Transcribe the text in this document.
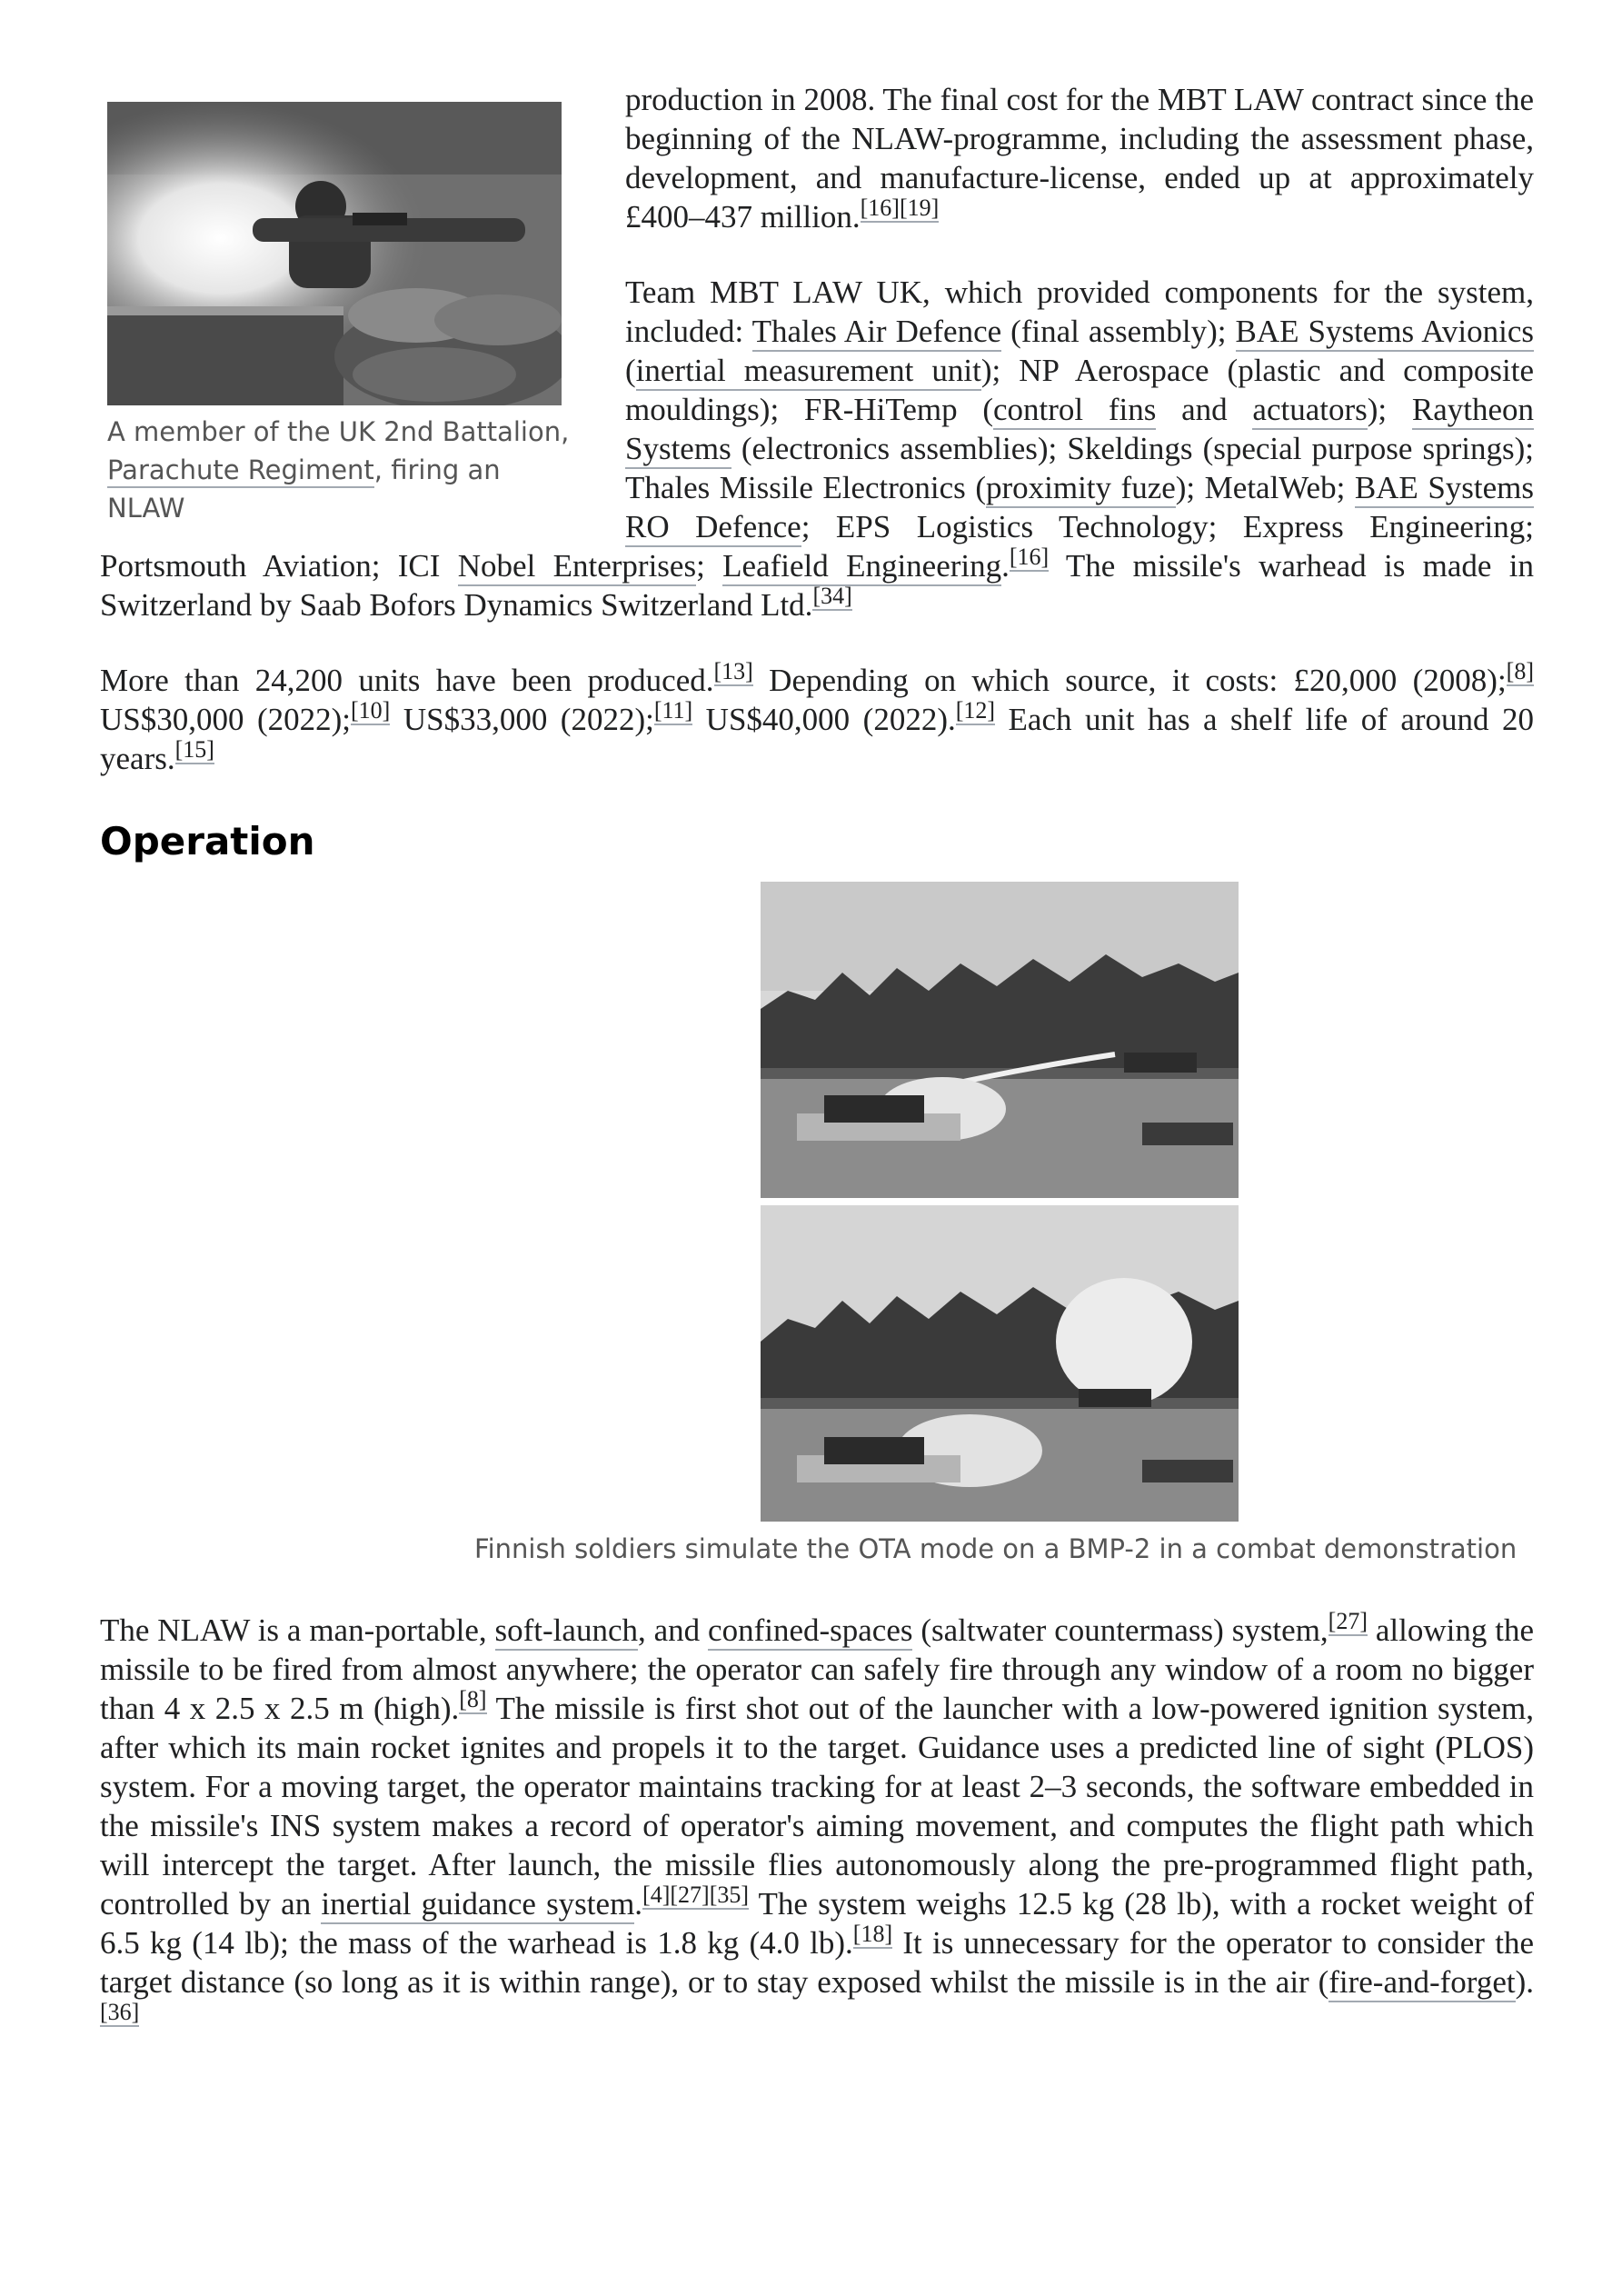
A member of the UK 2nd Battalion, Parachute Regiment, firing an NLAW

production in 2008. The final cost for the MBT LAW contract since the beginning of the NLAW-programme, including the assessment phase, development, and manufacture-license, ended up at approximately £400–437 million.[16][19]

Team MBT LAW UK, which provided components for the system, included: Thales Air Defence (final assembly); BAE Systems Avionics (inertial measurement unit); NP Aerospace (plastic and composite mouldings); FR-HiTemp (control fins and actuators); Raytheon Systems (electronics assemblies); Skeldings (special purpose springs); Thales Missile Electronics (proximity fuze); MetalWeb; BAE Systems RO Defence; EPS Logistics Technology; Express Engineering; Portsmouth Aviation; ICI Nobel Enterprises; Leafield Engineering.[16] The missile's warhead is made in Switzerland by Saab Bofors Dynamics Switzerland Ltd.[34]

More than 24,200 units have been produced.[13] Depending on which source, it costs: £20,000 (2008);[8] US$30,000 (2022);[10] US$33,000 (2022);[11] US$40,000 (2022).[12] Each unit has a shelf life of around 20 years.[15]

Operation
Finnish soldiers simulate the OTA mode on a BMP-2 in a combat demonstration

The NLAW is a man-portable, soft-launch, and confined-spaces (saltwater countermass) system,[27] allowing the missile to be fired from almost anywhere; the operator can safely fire through any window of a room no bigger than 4 x 2.5 x 2.5 m (high).[8] The missile is first shot out of the launcher with a low-powered ignition system, after which its main rocket ignites and propels it to the target. Guidance uses a predicted line of sight (PLOS) system. For a moving target, the operator maintains tracking for at least 2–3 seconds, the software embedded in the missile's INS system makes a record of operator's aiming movement, and computes the flight path which will intercept the target. After launch, the missile flies autonomously along the pre-programmed flight path, controlled by an inertial guidance system.[4][27][35] The system weighs 12.5 kg (28 lb), with a rocket weight of 6.5 kg (14 lb); the mass of the warhead is 1.8 kg (4.0 lb).[18] It is unnecessary for the operator to consider the target distance (so long as it is within range), or to stay exposed whilst the missile is in the air (fire-and-forget).[36]
